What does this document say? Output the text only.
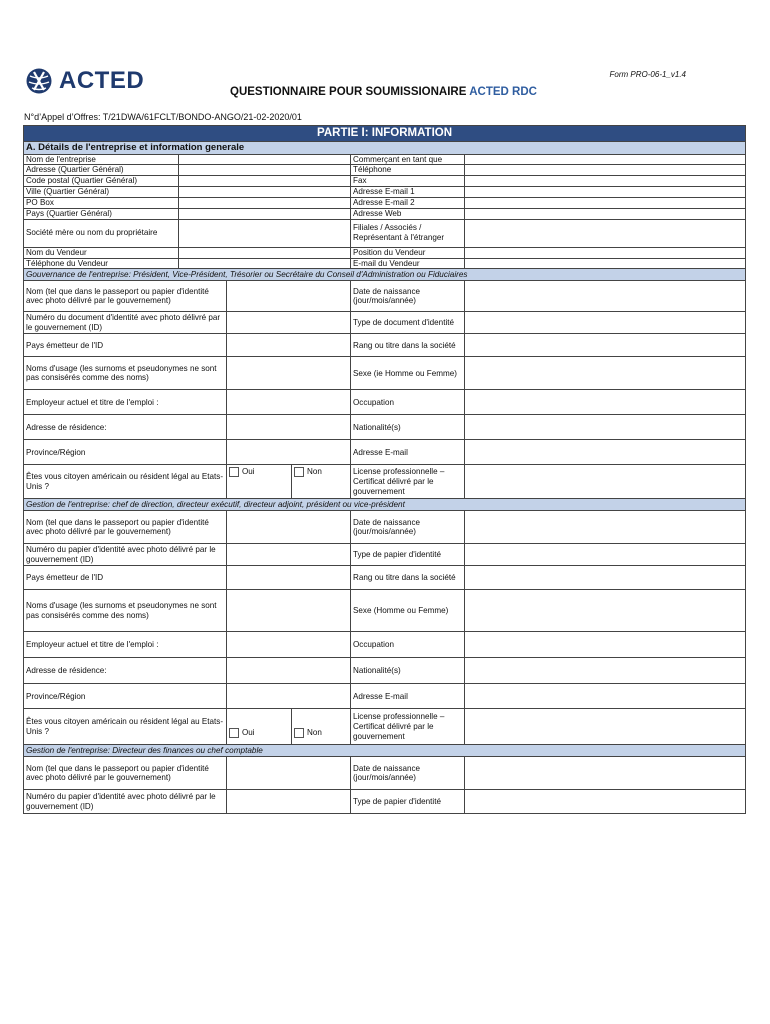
ACTED	Form PRO-06-1_v1.4
QUESTIONNAIRE POUR SOUMISSIONAIRE ACTED RDC
N°d’Appel d’Offres: T/21DWA/61FCLT/BONDO-ANGO/21-02-2020/01
PARTIE I: INFORMATION					
A. Détails de l'entreprise et information generale					
Nom de l'entreprise				Commerçant en tant que	
Adresse (Quartier Général)				Téléphone	
Code postal (Quartier Général)				Fax	
Ville (Quartier Général)				Adresse E-mail 1	
PO Box				Adresse E-mail 2	
Pays (Quartier Général)				Adresse Web	
Société mère ou nom du propriétaire				Filiales / Associés / Représentant à l'étranger	
Nom du Vendeur				Position du Vendeur	
Téléphone du Vendeur				E-mail du Vendeur	
Gouvernance de l'entreprise: Président, Vice-Président, Trésorier ou Secrétaire du Conseil d'Administration ou Fiduciaires					
Nom (tel que dans le passeport ou papier d'identité avec photo délivré par le gouvernement)				Date de naissance (jour/mois/année)	
Numéro du document d'identité avec photo délivré par le gouvernement (ID)				Type de document d'identité	
Pays émetteur de l'ID				Rang ou titre dans la société	
Noms d'usage (les surnoms et pseudonymes ne sont pas consisérés comme des noms)				Sexe (ie Homme ou Femme)	
Employeur actuel et titre de l'emploi :				Occupation	
Adresse de résidence:				Nationalité(s)	
Province/Région				Adresse E-mail	
Êtes vous citoyen américain ou résident légal au Etats-Unis ?		Oui	Non	License professionnelle – Certificat délivré par le gouvernement	
Gestion de l'entreprise: chef de direction, directeur exécutif, directeur adjoint, président ou vice-président					
Nom (tel que dans le passeport ou papier d'identité avec photo délivré par le gouvernement)				Date de naissance (jour/mois/année)	
Numéro du papier d'identité avec photo délivré par le gouvernement (ID)				Type de papier d'identité	
Pays émetteur de l'ID				Rang ou titre dans la société	
Noms d'usage (les surnoms et pseudonymes ne sont pas consisérés comme des noms)				Sexe (Homme ou Femme)	
Employeur actuel et titre de l'emploi :				Occupation	
Adresse de résidence:				Nationalité(s)	
Province/Région				Adresse E-mail	
Êtes vous citoyen américain ou résident légal au Etats-Unis ?		Oui	Non	License professionnelle – Certificat délivré par le gouvernement	
Gestion de l'entreprise: Directeur des finances ou chef comptable					
Nom (tel que dans le passeport ou papier d'identité avec photo délivré par le gouvernement)				Date de naissance (jour/mois/année)	
Numéro du papier d'identité avec photo délivré par le gouvernement (ID)				Type de papier d'identité	
